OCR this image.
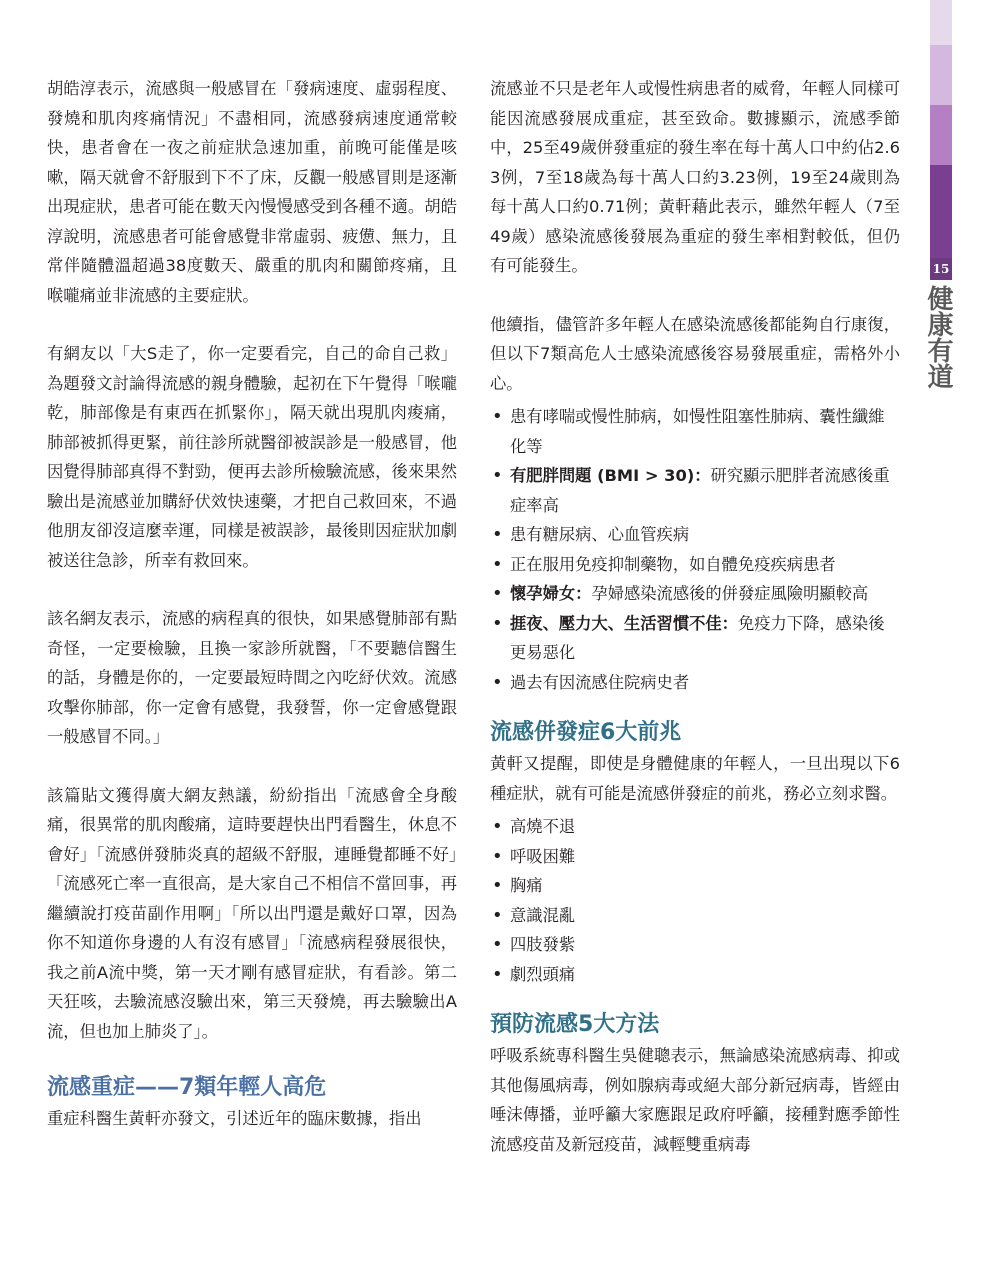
15
健康有道

胡皓淳表示，流感與一般感冒在「發病速度、虛弱程度、發燒和肌肉疼痛情況」不盡相同，流感發病速度通常較快，患者會在一夜之前症狀急速加重，前晚可能僅是咳嗽，隔天就會不舒服到下不了床，反觀一般感冒則是逐漸出現症狀，患者可能在數天內慢慢感受到各種不適。胡皓淳說明，流感患者可能會感覺非常虛弱、疲憊、無力，且常伴隨體溫超過38度數天、嚴重的肌肉和關節疼痛，且喉嚨痛並非流感的主要症狀。

有網友以「大S走了，你一定要看完，自己的命自己救」為題發文討論得流感的親身體驗，起初在下午覺得「喉嚨乾，肺部像是有東西在抓緊你」，隔天就出現肌肉痠痛，肺部被抓得更緊，前往診所就醫卻被誤診是一般感冒，他因覺得肺部真得不對勁，便再去診所檢驗流感，後來果然驗出是流感並加購紓伏效快速藥，才把自己救回來，不過他朋友卻沒這麼幸運，同樣是被誤診，最後則因症狀加劇被送往急診，所幸有救回來。

該名網友表示，流感的病程真的很快，如果感覺肺部有點奇怪，一定要檢驗，且換一家診所就醫，「不要聽信醫生的話，身體是你的，一定要最短時間之內吃紓伏效。流感攻擊你肺部，你一定會有感覺，我發誓，你一定會感覺跟一般感冒不同。」

該篇貼文獲得廣大網友熱議，紛紛指出「流感會全身酸痛，很異常的肌肉酸痛，這時要趕快出門看醫生，休息不會好」「流感併發肺炎真的超級不舒服，連睡覺都睡不好」「流感死亡率一直很高，是大家自己不相信不當回事，再繼續說打疫苗副作用啊」「所以出門還是戴好口罩，因為你不知道你身邊的人有沒有感冒」「流感病程發展很快，我之前A流中獎，第一天才剛有感冒症狀，有看診。第二天狂咳，去驗流感沒驗出來，第三天發燒，再去驗驗出A流，但也加上肺炎了」。

流感重症——7類年輕人高危

重症科醫生黃軒亦發文，引述近年的臨床數據，指出

流感並不只是老年人或慢性病患者的威脅，年輕人同樣可能因流感發展成重症，甚至致命。數據顯示，流感季節中，25至49歲併發重症的發生率在每十萬人口中約佔2.63例，7至18歲為每十萬人口約3.23例，19至24歲則為每十萬人口約0.71例；黃軒藉此表示，雖然年輕人（7至49歲）感染流感後發展為重症的發生率相對較低，但仍有可能發生。

他續指，儘管許多年輕人在感染流感後都能夠自行康復，但以下7類高危人士感染流感後容易發展重症，需格外小心。

• 患有哮喘或慢性肺病，如慢性阻塞性肺病、囊性纖維化等
• 有肥胖問題 (BMI > 30)：研究顯示肥胖者流感後重症率高
• 患有糖尿病、心血管疾病
• 正在服用免疫抑制藥物，如自體免疫疾病患者
• 懷孕婦女：孕婦感染流感後的併發症風險明顯較高
• 捱夜、壓力大、生活習慣不佳：免疫力下降，感染後更易惡化
• 過去有因流感住院病史者
流感併發症6大前兆

黃軒又提醒，即使是身體健康的年輕人，一旦出現以下6種症狀，就有可能是流感併發症的前兆，務必立刻求醫。

• 高燒不退
• 呼吸困難
• 胸痛
• 意識混亂
• 四肢發紫
• 劇烈頭痛
預防流感5大方法

呼吸系統專科醫生吳健聰表示，無論感染流感病毒、抑或其他傷風病毒，例如腺病毒或絕大部分新冠病毒，皆經由唾沫傳播，並呼籲大家應跟足政府呼籲，接種對應季節性流感疫苗及新冠疫苗，減輕雙重病毒
